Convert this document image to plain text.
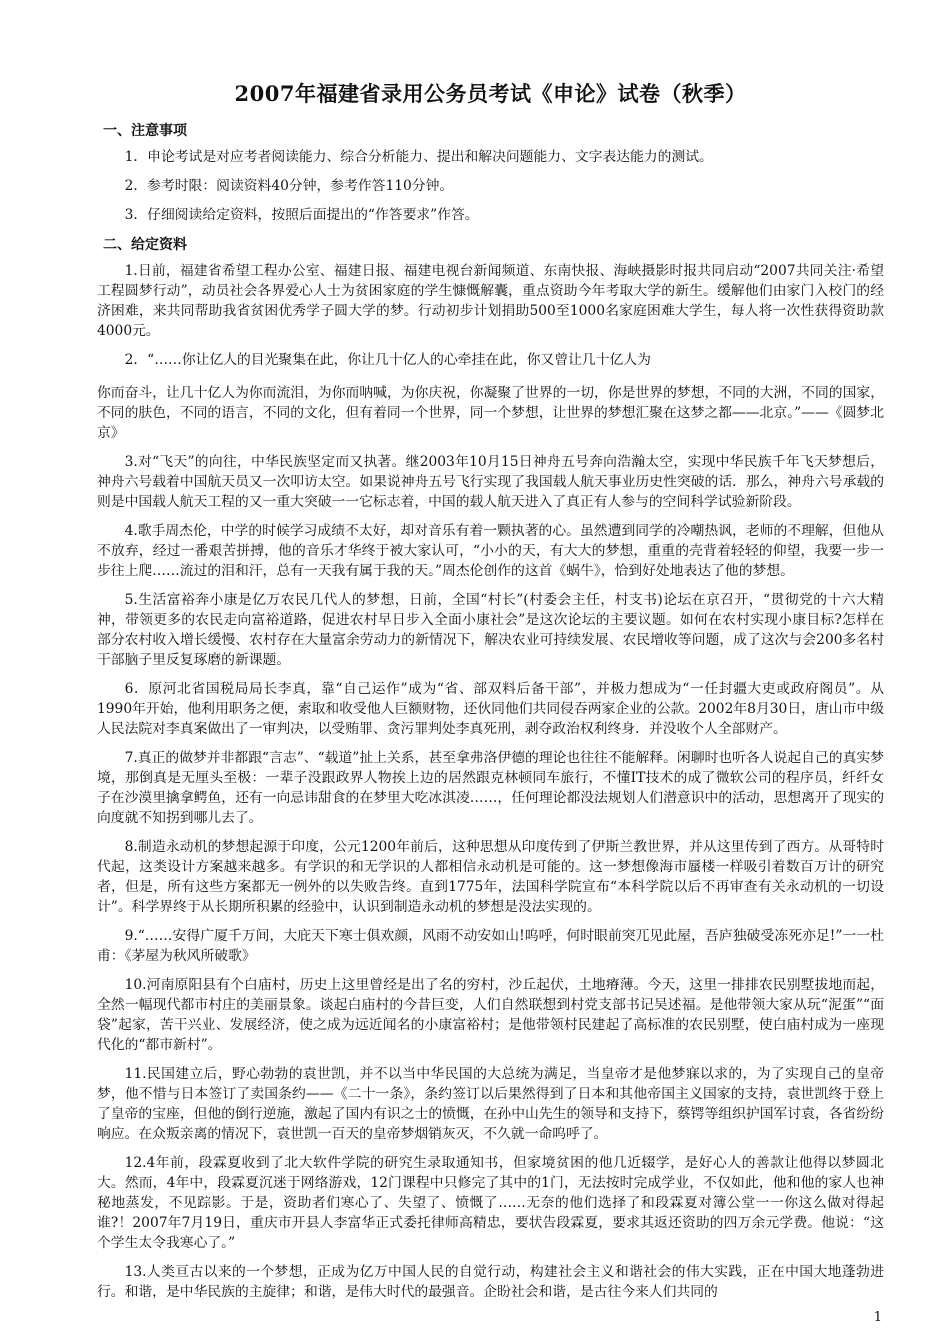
2007年福建省录用公务员考试《申论》试卷（秋季）
一、注意事项

1．申论考试是对应考者阅读能力、综合分析能力、提出和解决问题能力、文字表达能力的测试。

2．参考时限：阅读资料40分钟，参考作答110分钟。

3．仔细阅读给定资料，按照后面提出的“作答要求”作答。

二、给定资料

1.日前，福建省希望工程办公室、福建日报、福建电视台新闻频道、东南快报、海峡摄影时报共同启动“2007共同关注·希望工程圆梦行动”，动员社会各界爱心人士为贫困家庭的学生慷慨解囊，重点资助今年考取大学的新生。缓解他们由家门入校门的经济困难，来共同帮助我省贫困优秀学子圆大学的梦。行动初步计划捐助500至1000名家庭困难大学生，每人将一次性获得资助款4000元。

2．“……你让亿人的目光聚集在此，你让几十亿人的心牵挂在此，你又曾让几十亿人为

你而奋斗，让几十亿人为你而流泪，为你而呐喊，为你庆祝，你凝聚了世界的一切，你是世界的梦想，不同的大洲，不同的国家，不同的肤色，不同的语言，不同的文化，但有着同一个世界，同一个梦想，让世界的梦想汇聚在这梦之都——北京。”——《圆梦北京》

3.对“飞天”的向往，中华民族坚定而又执著。继2003年10月15日神舟五号奔向浩瀚太空，实现中华民族千年飞天梦想后，神舟六号载着中国航天员又一次叩访太空。如果说神舟五号飞行实现了我国载人航天事业历史性突破的话．那么，神舟六号承载的则是中国载人航天工程的又一重大突破一一它标志着，中国的载人航天进入了真正有人参与的空间科学试验新阶段。

4.歌手周杰伦，中学的时候学习成绩不太好，却对音乐有着一颗执著的心。虽然遭到同学的冷嘲热讽，老师的不理解，但他从不放弃，经过一番艰苦拼搏，他的音乐才华终于被大家认可，“小小的天，有大大的梦想，重重的壳背着轻轻的仰望，我要一步一步往上爬……流过的泪和汗，总有一天我有属于我的天。”周杰伦创作的这首《蜗牛》，恰到好处地表达了他的梦想。

5.生活富裕奔小康是亿万农民几代人的梦想，日前，全国“村长”(村委会主任，村支书)论坛在京召开，“贯彻党的十六大精神，带领更多的农民走向富裕道路，促进农村早日步入全面小康社会”是这次论坛的主要议题。如何在农村实现小康目标?怎样在部分农村收入增长缓慢、农村存在大量富余劳动力的新情况下，解决农业可持续发展、农民增收等问题，成了这次与会200多名村干部脑子里反复琢磨的新课题。

6．原河北省国税局局长李真，靠“自己运作”成为“省、部双料后备干部”，并极力想成为“一任封疆大吏或政府阁员”。从1990年开始，他利用职务之便，索取和收受他人巨额财物，还伙同他们共同侵吞两家企业的公款。2002年8月30日，唐山市中级人民法院对李真案做出了一审判决，以受贿罪、贪污罪判处李真死刑，剥夺政治权利终身．并没收个人全部财产。

7.真正的做梦并非都跟“言志”、“载道”扯上关系，甚至拿弗洛伊德的理论也往往不能解释。闲聊时也听各人说起自己的真实梦境，那倒真是无厘头至极：一辈子没跟政界人物挨上边的居然跟克林顿同车旅行，不懂IT技术的成了微软公司的程序员，纤纤女子在沙漠里擒拿鳄鱼，还有一向忌讳甜食的在梦里大吃冰淇凌……，任何理论都没法规划人们潜意识中的活动，思想离开了现实的向度就不知拐到哪儿去了。

8.制造永动机的梦想起源于印度，公元1200年前后，这种思想从印度传到了伊斯兰教世界，并从这里传到了西方。从哥特时代起，这类设计方案越来越多。有学识的和无学识的人都相信永动机是可能的。这一梦想像海市蜃楼一样吸引着数百万计的研究者，但是，所有这些方案都无一例外的以失败告终。直到1775年，法国科学院宣布“本科学院以后不再审查有关永动机的一切设计”。科学界终于从长期所积累的经验中，认识到制造永动机的梦想是没法实现的。

9.“……安得广厦千万间，大庇天下寒士俱欢颜，风雨不动安如山!呜呼，何时眼前突兀见此屋，吾庐独破受冻死亦足!”一一杜甫：《茅屋为秋风所破歌》

10.河南原阳县有个白庙村，历史上这里曾经是出了名的穷村，沙丘起伏，土地瘠薄。今天，这里一排排农民别墅拔地而起，全然一幅现代都市村庄的美丽景象。谈起白庙村的今昔巨变，人们自然联想到村党支部书记吴述福。是他带领大家从玩“泥蛋”“面袋”起家，苦干兴业、发展经济，使之成为远近闻名的小康富裕村；是他带领村民建起了高标准的农民别墅，使白庙村成为一座现代化的“都市新村”。

11.民国建立后，野心勃勃的袁世凯，并不以当中华民国的大总统为满足，当皇帝才是他梦寐以求的，为了实现自己的皇帝梦，他不惜与日本签订了卖国条约——《二十一条》，条约签订以后果然得到了日本和其他帝国主义国家的支持，袁世凯终于登上了皇帝的宝座，但他的倒行逆施，激起了国内有识之士的愤慨，在孙中山先生的领导和支持下，蔡锷等组织护国军讨袁，各省纷纷响应。在众叛亲离的情况下，袁世凯一百天的皇帝梦烟销灰灭，不久就一命呜呼了。

12.4年前，段霖夏收到了北大软件学院的研究生录取通知书，但家境贫困的他几近辍学，是好心人的善款让他得以梦圆北大。然而，4年中，段霖夏沉迷于网络游戏，12门课程中只修完了其中的1门，无法按时完成学业，不仅如此，他和他的家人也神秘地蒸发，不见踪影。于是，资助者们寒心了、失望了、愤慨了……无奈的他们选择了和段霖夏对簿公堂一一你这么做对得起谁?！2007年7月19日，重庆市开县人李富华正式委托律师高精忠，要状告段霖夏，要求其返还资助的四万余元学费。他说：“这个学生太令我寒心了。”

13.人类亘古以来的一个梦想，正成为亿万中国人民的自觉行动，构建社会主义和谐社会的伟大实践，正在中国大地蓬勃进行。和谐，是中华民族的主旋律；和谐，是伟大时代的最强音。企盼社会和谐，是古往今来人们共同的

1
